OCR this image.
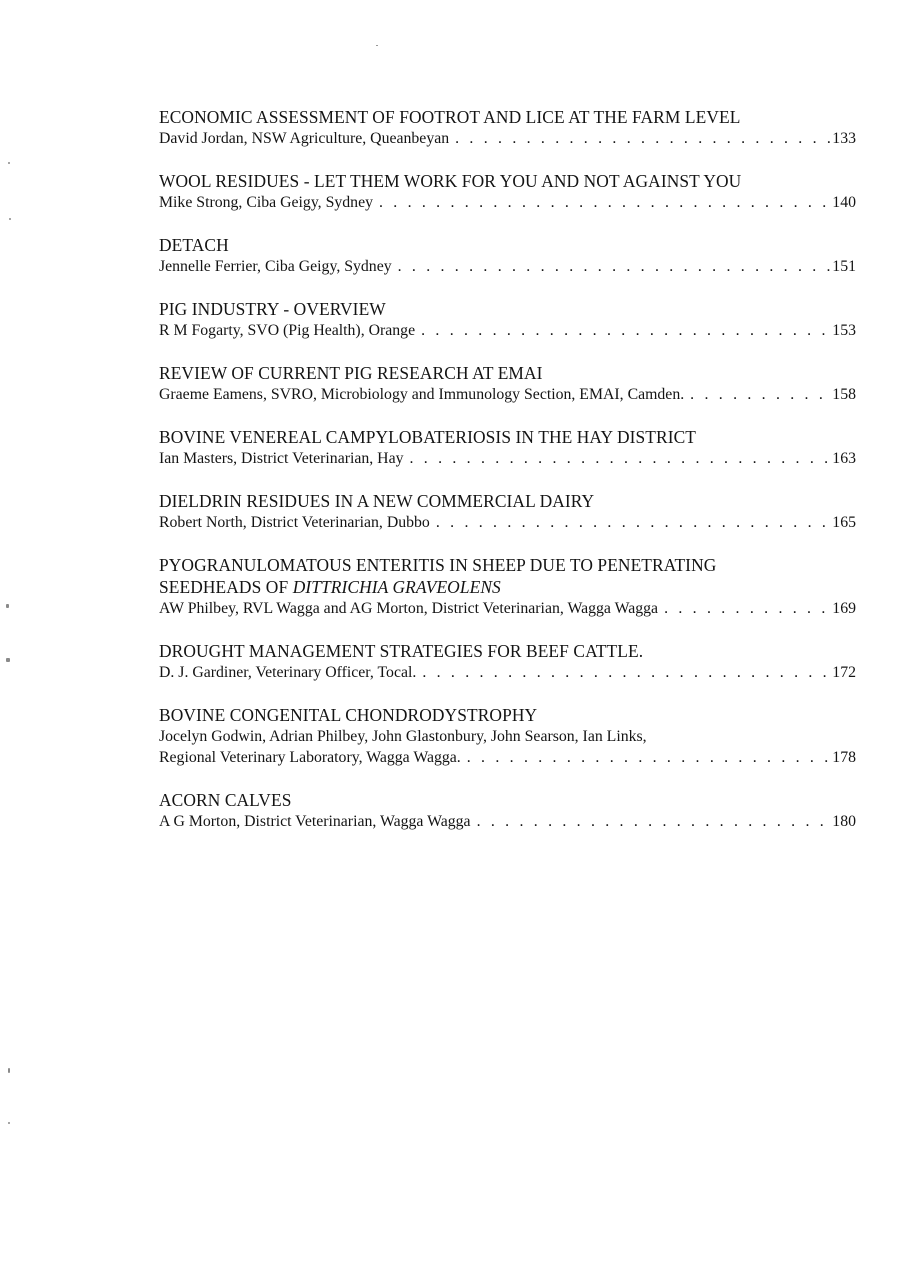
ECONOMIC ASSESSMENT OF FOOTROT AND LICE AT THE FARM LEVEL
David Jordan, NSW Agriculture, Queanbeyan . . .	133
WOOL RESIDUES - LET THEM WORK FOR YOU AND NOT AGAINST YOU
Mike Strong, Ciba Geigy, Sydney . . .	140
DETACH
Jennelle Ferrier, Ciba Geigy, Sydney . . .	151
PIG INDUSTRY - OVERVIEW
R M Fogarty, SVO (Pig Health), Orange . . .	153
REVIEW OF CURRENT PIG RESEARCH AT EMAI
Graeme Eamens, SVRO, Microbiology and Immunology Section, EMAI, Camden. . . .	158
BOVINE VENEREAL CAMPYLOBATERIOSIS IN THE HAY DISTRICT
Ian Masters, District Veterinarian, Hay . . .	163
DIELDRIN RESIDUES IN A NEW COMMERCIAL DAIRY
Robert North, District Veterinarian, Dubbo . . .	165
PYOGRANULOMATOUS ENTERITIS IN SHEEP DUE TO PENETRATING
SEEDHEADS OF DITTRICHIA GRAVEOLENS
AW Philbey, RVL Wagga and AG Morton, District Veterinarian, Wagga Wagga . . .	169
DROUGHT MANAGEMENT STRATEGIES FOR BEEF CATTLE.
D. J. Gardiner, Veterinary Officer, Tocal. . . .	172
BOVINE CONGENITAL CHONDRODYSTROPHY
Jocelyn Godwin, Adrian Philbey, John Glastonbury, John Searson, Ian Links,
Regional Veterinary Laboratory, Wagga Wagga. . . .	178
ACORN CALVES
A G Morton, District Veterinarian, Wagga Wagga . . .	180
